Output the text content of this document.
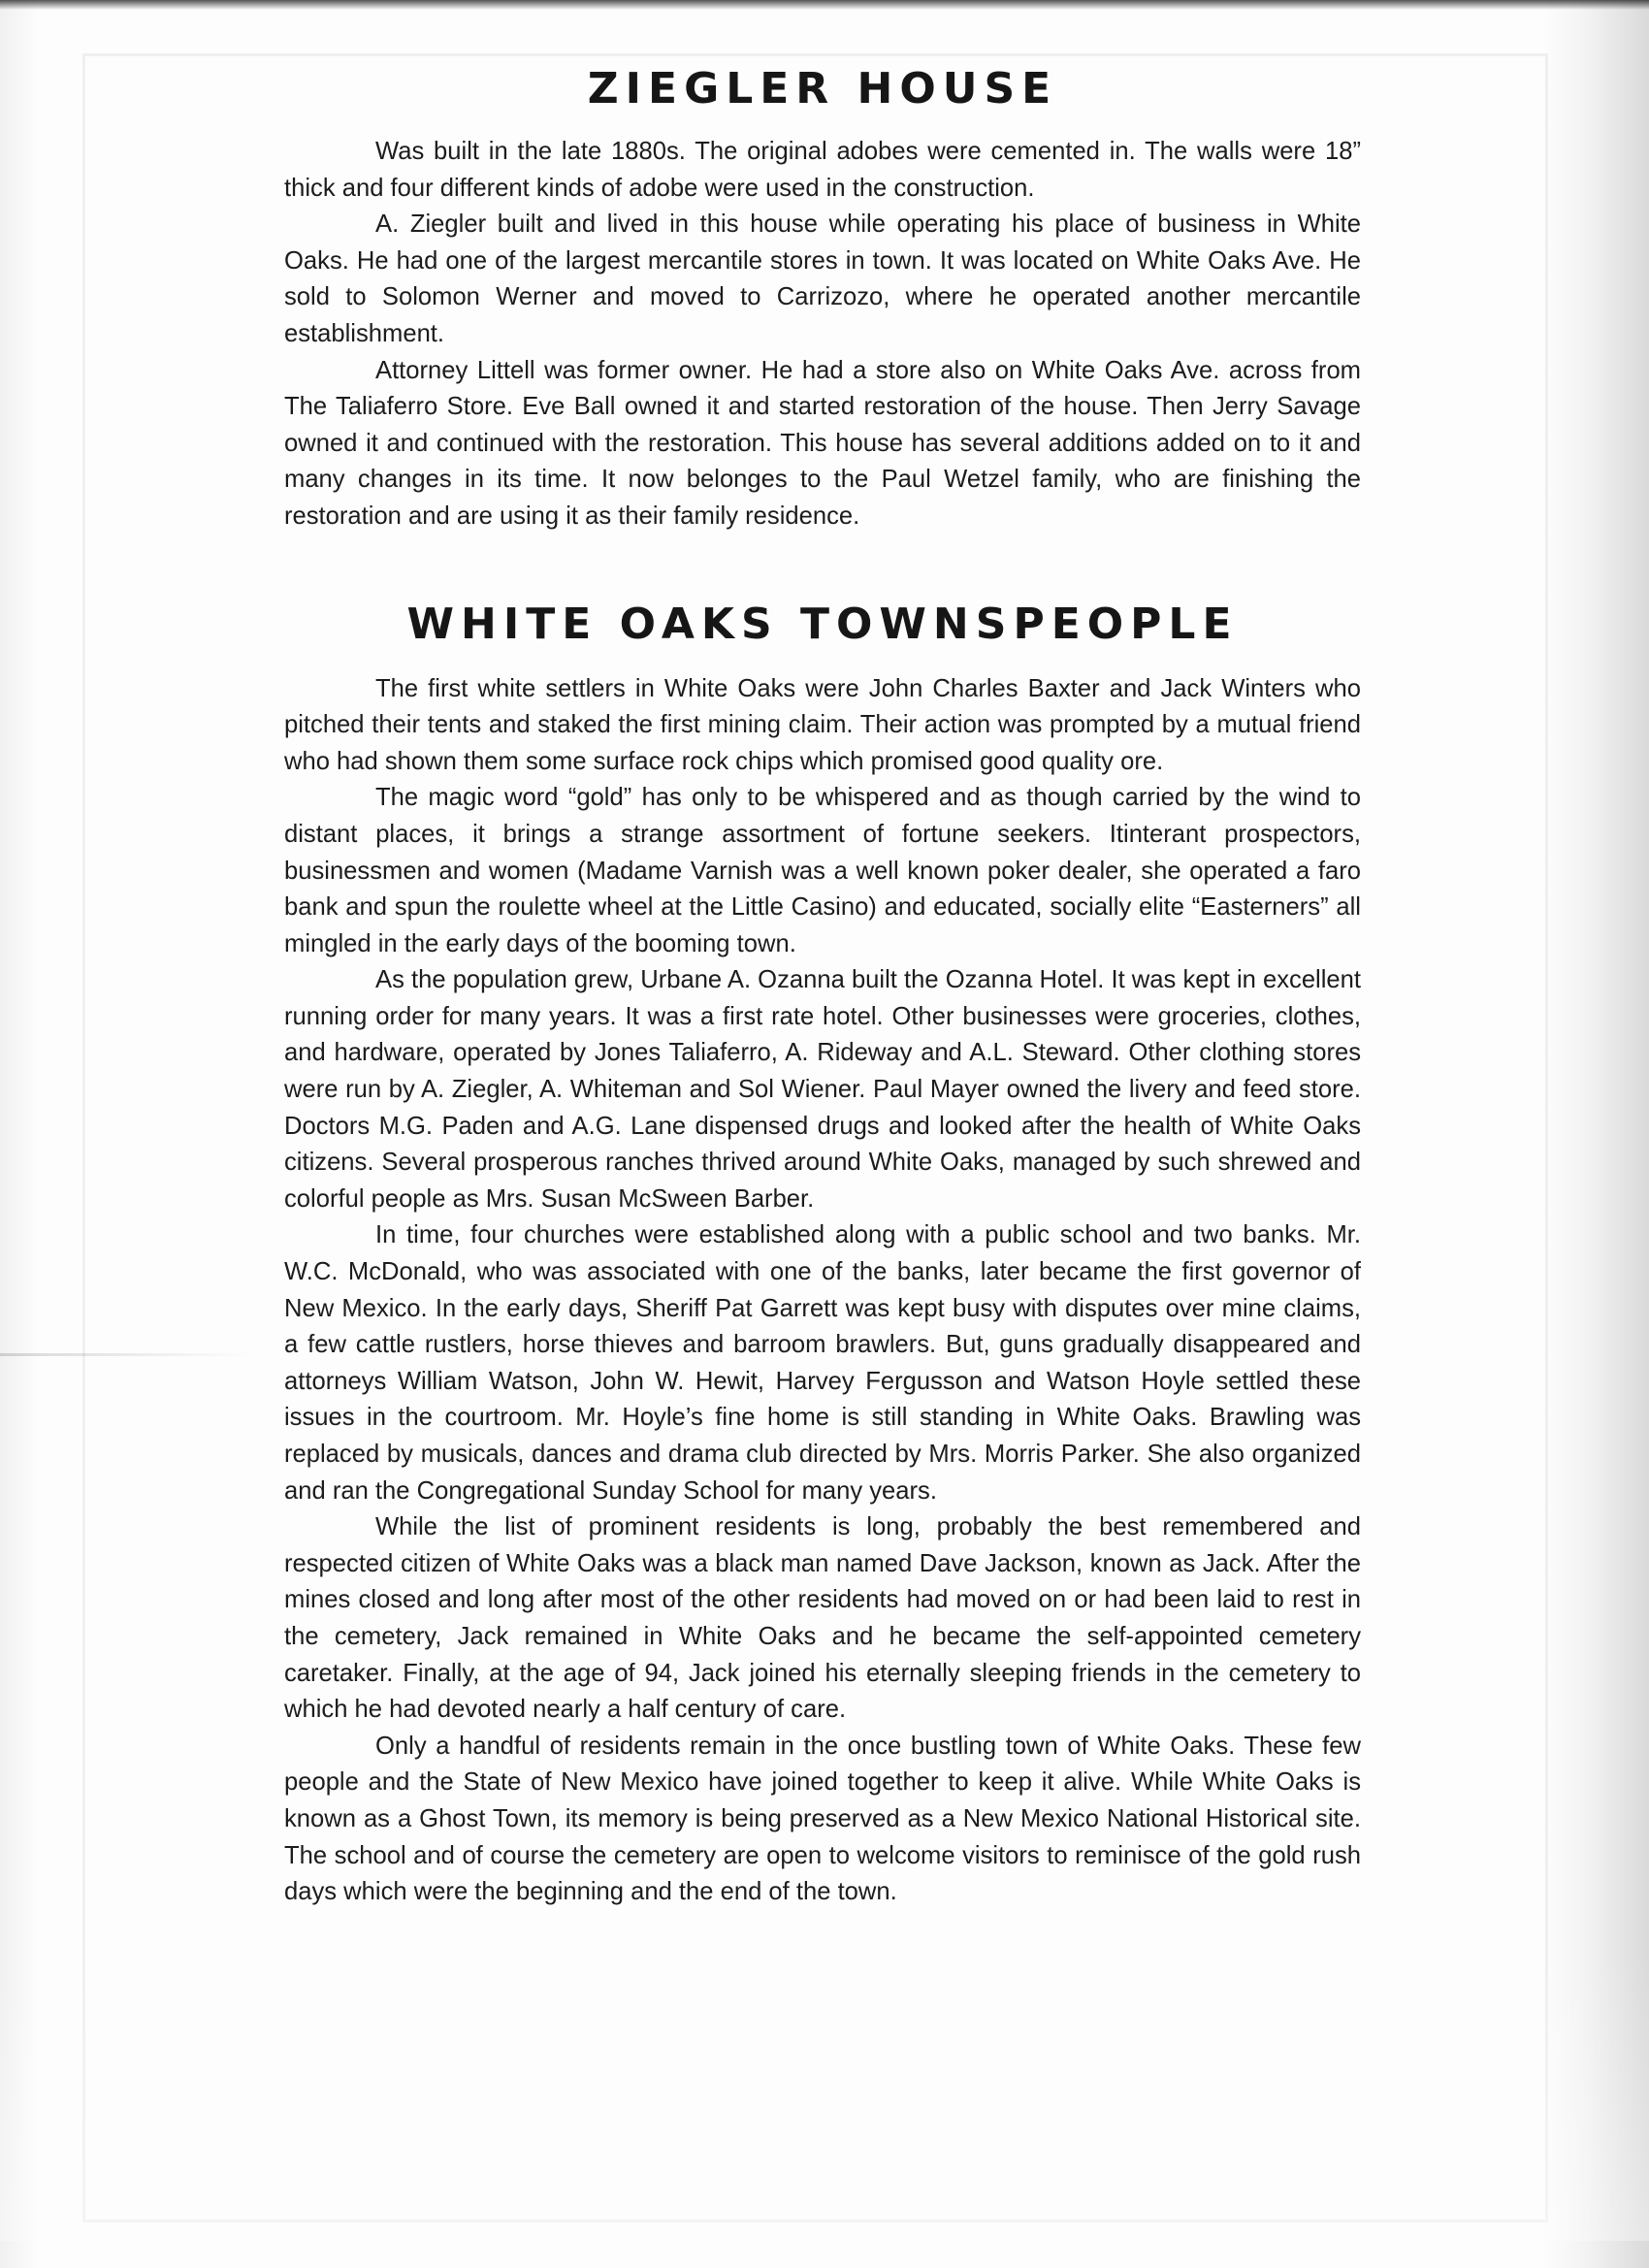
ZIEGLER HOUSE

Was built in the late 1880s. The original adobes were cemented in. The walls were 18” thick and four different kinds of adobe were used in the construction.

A. Ziegler built and lived in this house while operating his place of business in White Oaks. He had one of the largest mercantile stores in town. It was located on White Oaks Ave. He sold to Solomon Werner and moved to Carrizozo, where he operated another mercantile establishment.

Attorney Littell was former owner. He had a store also on White Oaks Ave. across from The Taliaferro Store. Eve Ball owned it and started restoration of the house. Then Jerry Savage owned it and continued with the restoration. This house has several additions added on to it and many changes in its time. It now belonges to the Paul Wetzel family, who are finishing the restoration and are using it as their family residence.

WHITE OAKS TOWNSPEOPLE

The first white settlers in White Oaks were John Charles Baxter and Jack Winters who pitched their tents and staked the first mining claim. Their action was prompted by a mutual friend who had shown them some surface rock chips which promised good quality ore.

The magic word “gold” has only to be whispered and as though carried by the wind to distant places, it brings a strange assortment of fortune seekers. Itinterant prospectors, businessmen and women (Madame Varnish was a well known poker dealer, she operated a faro bank and spun the roulette wheel at the Little Casino) and educated, socially elite “Easterners” all mingled in the early days of the booming town.

As the population grew, Urbane A. Ozanna built the Ozanna Hotel. It was kept in excellent running order for many years. It was a first rate hotel. Other businesses were groceries, clothes, and hardware, operated by Jones Taliaferro, A. Rideway and A.L. Steward. Other clothing stores were run by A. Ziegler, A. Whiteman and Sol Wiener. Paul Mayer owned the livery and feed store. Doctors M.G. Paden and A.G. Lane dispensed drugs and looked after the health of White Oaks citizens. Several prosperous ranches thrived around White Oaks, managed by such shrewed and colorful people as Mrs. Susan McSween Barber.

In time, four churches were established along with a public school and two banks. Mr. W.C. McDonald, who was associated with one of the banks, later became the first governor of New Mexico. In the early days, Sheriff Pat Garrett was kept busy with disputes over mine claims, a few cattle rustlers, horse thieves and barroom brawlers. But, guns gradually disappeared and attorneys William Watson, John W. Hewit, Harvey Fergusson and Watson Hoyle settled these issues in the courtroom. Mr. Hoyle’s fine home is still standing in White Oaks. Brawling was replaced by musicals, dances and drama club directed by Mrs. Morris Parker. She also organized and ran the Congregational Sunday School for many years.

While the list of prominent residents is long, probably the best remembered and respected citizen of White Oaks was a black man named Dave Jackson, known as Jack. After the mines closed and long after most of the other residents had moved on or had been laid to rest in the cemetery, Jack remained in White Oaks and he became the self-appointed cemetery caretaker. Finally, at the age of 94, Jack joined his eternally sleeping friends in the cemetery to which he had devoted nearly a half century of care.

Only a handful of residents remain in the once bustling town of White Oaks. These few people and the State of New Mexico have joined together to keep it alive. While White Oaks is known as a Ghost Town, its memory is being preserved as a New Mexico National Historical site. The school and of course the cemetery are open to welcome visitors to reminisce of the gold rush days which were the beginning and the end of the town.
